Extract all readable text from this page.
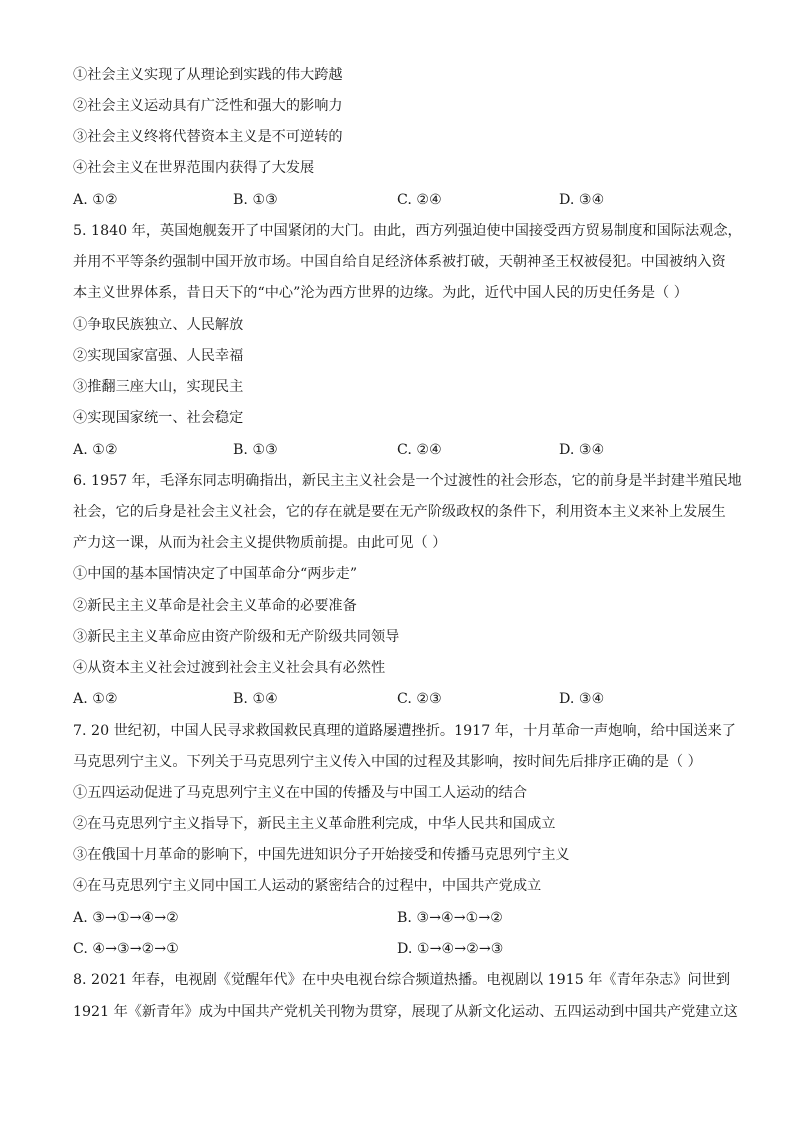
①社会主义实现了从理论到实践的伟大跨越
②社会主义运动具有广泛性和强大的影响力
③社会主义终将代替资本主义是不可逆转的
④社会主义在世界范围内获得了大发展
A. ①②	B. ①③	C. ②④	D. ③④
5. 1840 年，英国炮舰轰开了中国紧闭的大门。由此，西方列强迫使中国接受西方贸易制度和国际法观念，
并用不平等条约强制中国开放市场。中国自给自足经济体系被打破，天朝神圣王权被侵犯。中国被纳入资
本主义世界体系，昔日天下的“中心”沦为西方世界的边缘。为此，近代中国人民的历史任务是（ ）
①争取民族独立、人民解放
②实现国家富强、人民幸福
③推翻三座大山，实现民主
④实现国家统一、社会稳定
A. ①②	B. ①③	C. ②④	D. ③④
6. 1957 年，毛泽东同志明确指出，新民主主义社会是一个过渡性的社会形态，它的前身是半封建半殖民地
社会，它的后身是社会主义社会，它的存在就是要在无产阶级政权的条件下，利用资本主义来补上发展生
产力这一课，从而为社会主义提供物质前提。由此可见（ ）
①中国的基本国情决定了中国革命分“两步走”
②新民主主义革命是社会主义革命的必要准备
③新民主主义革命应由资产阶级和无产阶级共同领导
④从资本主义社会过渡到社会主义社会具有必然性
A. ①②	B. ①④	C. ②③	D. ③④
7. 20 世纪初，中国人民寻求救国救民真理的道路屡遭挫折。1917 年，十月革命一声炮响，给中国送来了
马克思列宁主义。下列关于马克思列宁主义传入中国的过程及其影响，按时间先后排序正确的是（ ）
①五四运动促进了马克思列宁主义在中国的传播及与中国工人运动的结合
②在马克思列宁主义指导下，新民主主义革命胜利完成，中华人民共和国成立
③在俄国十月革命的影响下，中国先进知识分子开始接受和传播马克思列宁主义
④在马克思列宁主义同中国工人运动的紧密结合的过程中，中国共产党成立
A. ③→①→④→②	B. ③→④→①→②
C. ④→③→②→①	D. ①→④→②→③
8. 2021 年春，电视剧《觉醒年代》在中央电视台综合频道热播。电视剧以 1915 年《青年杂志》问世到
1921 年《新青年》成为中国共产党机关刊物为贯穿，展现了从新文化运动、五四运动到中国共产党建立这
